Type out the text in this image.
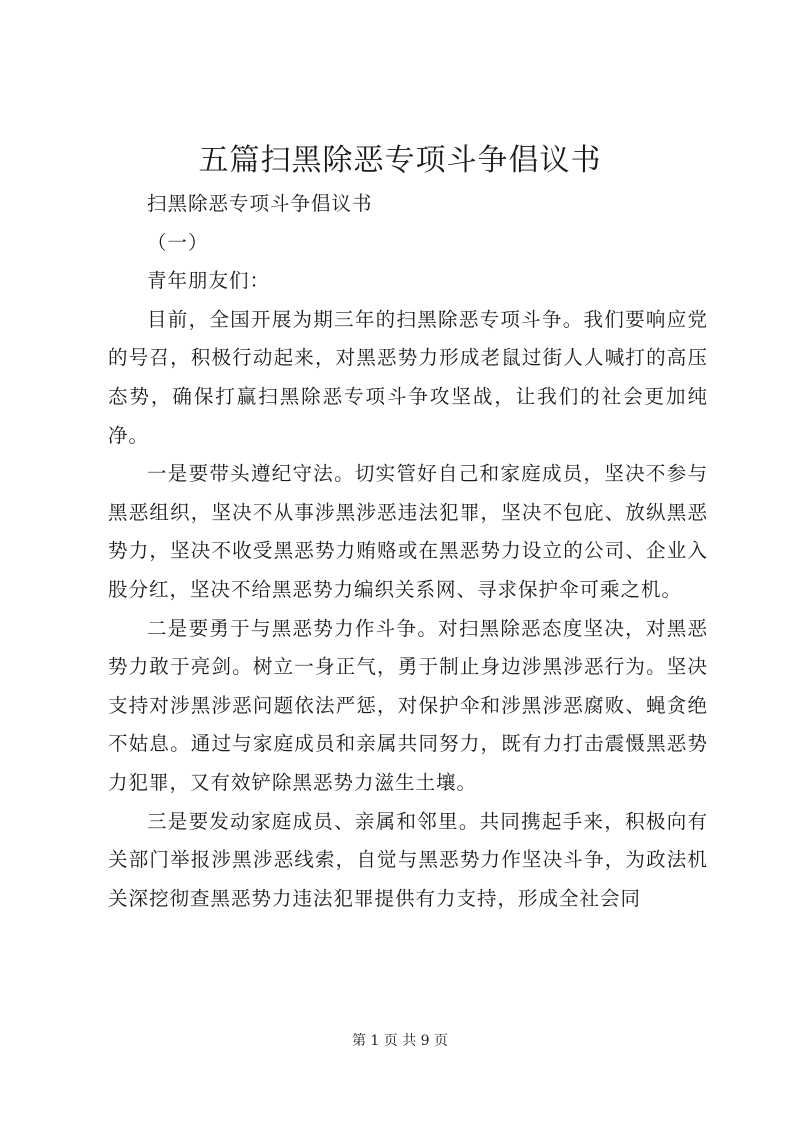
五篇扫黑除恶专项斗争倡议书

扫黑除恶专项斗争倡议书

（一）

青年朋友们：

目前，全国开展为期三年的扫黑除恶专项斗争。我们要响应党的号召，积极行动起来，对黑恶势力形成老鼠过街人人喊打的高压态势，确保打赢扫黑除恶专项斗争攻坚战，让我们的社会更加纯净。

一是要带头遵纪守法。切实管好自己和家庭成员，坚决不参与黑恶组织，坚决不从事涉黑涉恶违法犯罪，坚决不包庇、放纵黑恶势力，坚决不收受黑恶势力贿赂或在黑恶势力设立的公司、企业入股分红，坚决不给黑恶势力编织关系网、寻求保护伞可乘之机。

二是要勇于与黑恶势力作斗争。对扫黑除恶态度坚决，对黑恶势力敢于亮剑。树立一身正气，勇于制止身边涉黑涉恶行为。坚决支持对涉黑涉恶问题依法严惩，对保护伞和涉黑涉恶腐败、蝇贪绝不姑息。通过与家庭成员和亲属共同努力，既有力打击震慑黑恶势力犯罪，又有效铲除黑恶势力滋生土壤。

三是要发动家庭成员、亲属和邻里。共同携起手来，积极向有关部门举报涉黑涉恶线索，自觉与黑恶势力作坚决斗争，为政法机关深挖彻查黑恶势力违法犯罪提供有力支持，形成全社会同

第 1 页 共 9 页
